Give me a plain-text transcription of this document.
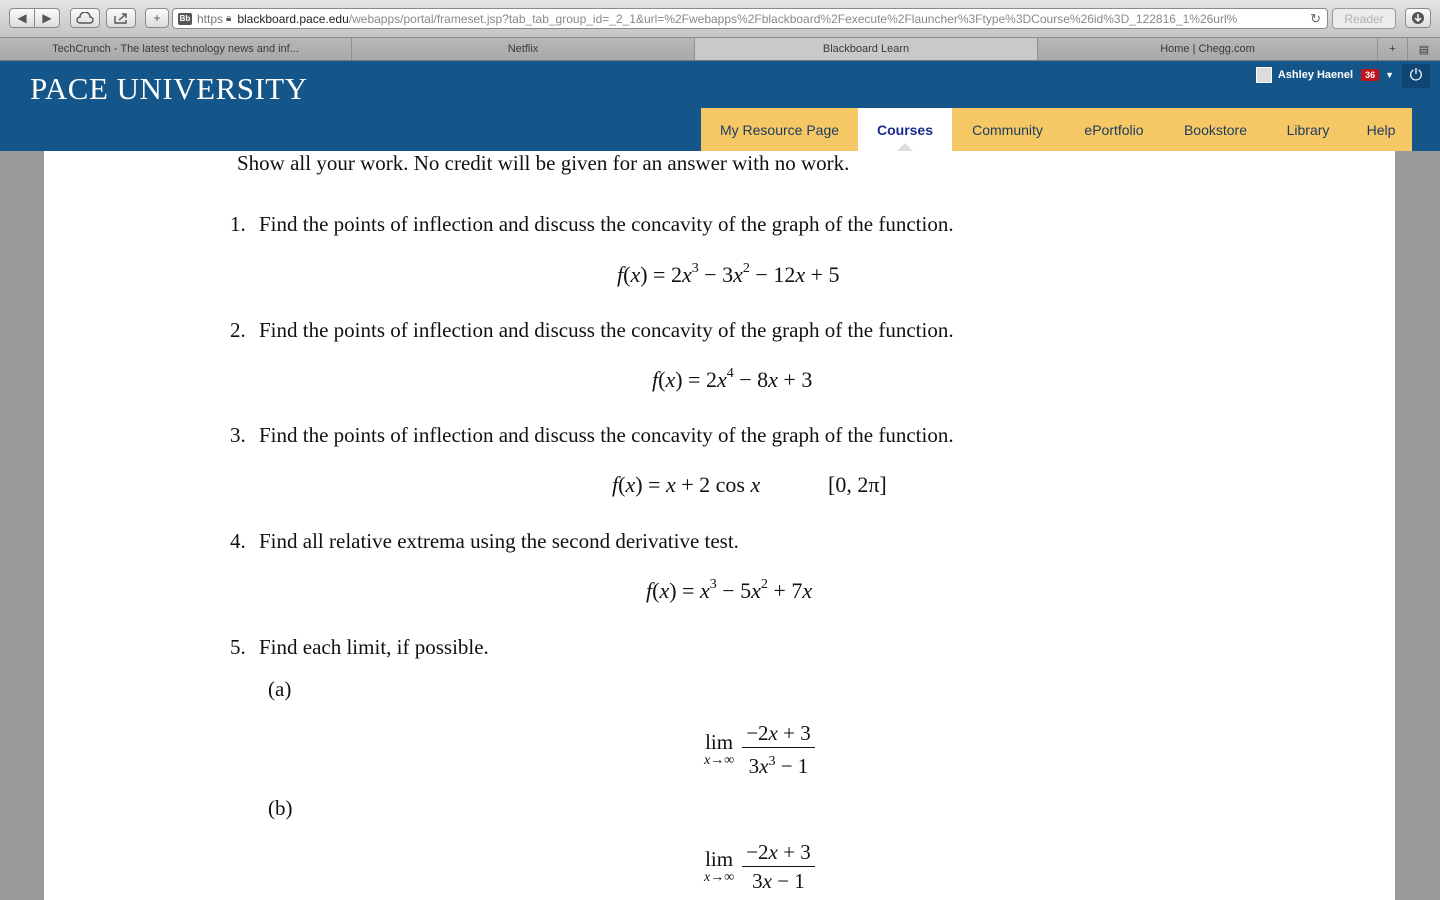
◀ ▶	+ Bb https 🔒︎ blackboard.pace.edu/webapps/portal/frameset.jsp?tab_tab_group_id=_2_1&url=%2Fwebapps%2Fblackboard%2Fexecute%2Flauncher%3Ftype%3DCourse%26id%3D_122816_1%26url%	↻	Reader
TechCrunch - The latest technology news and inf...	Netflix	Blackboard Learn	Home | Chegg.com	+ ▤
PACE UNIVERSITY	Ashley Haenel	36	▼ ⏻
My Resource Page	Courses	Community	ePortfolio	Bookstore	Library	Help
Show all your work. No credit will be given for an answer with no work.
1. Find the points of inflection and discuss the concavity of the graph of the function.
$f(x) = 2x^3 - 3x^2 - 12x + 5$
2. Find the points of inflection and discuss the concavity of the graph of the function.
$f(x) = 2x^4 - 8x + 3$
3. Find the points of inflection and discuss the concavity of the graph of the function.
f(x) = x + 2 cos x	[0, 2π]
4. Find all relative extrema using the second derivative test.
$f(x) = x^3 - 5x^2 + 7x$
5. Find each limit, if possible.
(a)
lim
$x\to\infty \frac{-2x + 3}{3x^3 - 1}$
(b)
lim
$x\to\infty \frac{-2x + 3}{3x - 1}$
